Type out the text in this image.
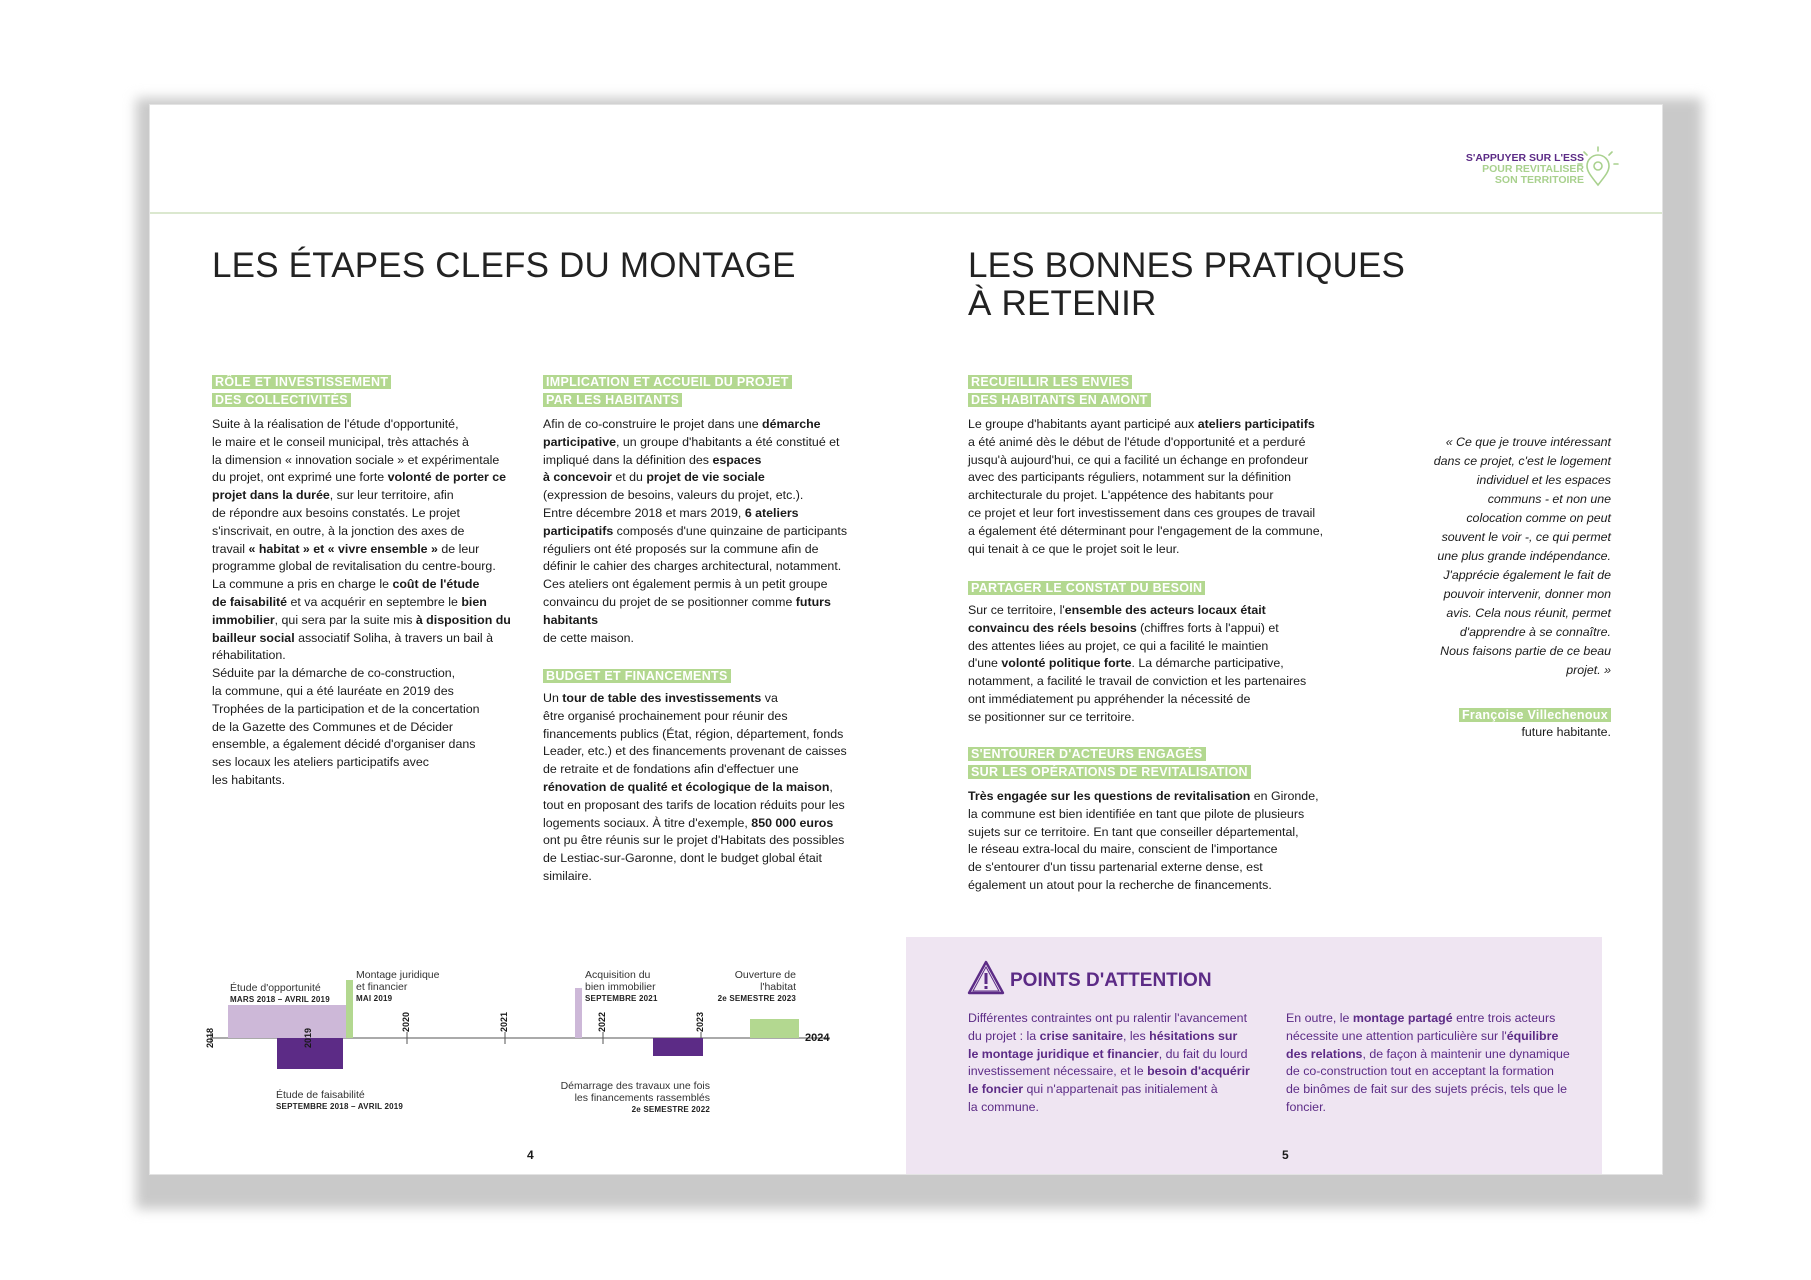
S'APPUYER SUR L'ESS
POUR REVITALISER
SON TERRITOIRE
LES ÉTAPES CLEFS DU MONTAGE
RÔLE ET INVESTISSEMENT
DES COLLECTIVITÉS
Suite à la réalisation de l'étude d'opportunité,
le maire et le conseil municipal, très attachés à
la dimension « innovation sociale » et expérimentale
du projet, ont exprimé une forte volonté de porter ce projet dans la durée, sur leur territoire, afin
de répondre aux besoins constatés. Le projet
s'inscrivait, en outre, à la jonction des axes de
travail « habitat » et « vivre ensemble » de leur
programme global de revitalisation du centre-bourg.
La commune a pris en charge le coût de l'étude
de faisabilité et va acquérir en septembre le bien immobilier, qui sera par la suite mis à disposition du bailleur social associatif Soliha, à travers un bail à réhabilitation.
Séduite par la démarche de co-construction,
la commune, qui a été lauréate en 2019 des
Trophées de la participation et de la concertation
de la Gazette des Communes et de Décider
ensemble, a également décidé d'organiser dans
ses locaux les ateliers participatifs avec
les habitants.
IMPLICATION ET ACCUEIL DU PROJET
PAR LES HABITANTS
Afin de co-construire le projet dans une démarche participative, un groupe d'habitants a été constitué et impliqué dans la définition des espaces
à concevoir et du projet de vie sociale
(expression de besoins, valeurs du projet, etc.).
Entre décembre 2018 et mars 2019, 6 ateliers participatifs composés d'une quinzaine de participants réguliers ont été proposés sur la commune afin de définir le cahier des charges architectural, notamment. Ces ateliers ont également permis à un petit groupe convaincu du projet de se positionner comme futurs habitants
de cette maison.
BUDGET ET FINANCEMENTS
Un tour de table des investissements va
être organisé prochainement pour réunir des financements publics (État, région, département, fonds Leader, etc.) et des financements provenant de caisses de retraite et de fondations afin d'effectuer une rénovation de qualité et écologique de la maison, tout en proposant des tarifs de location réduits pour les logements sociaux. À titre d'exemple, 850 000 euros ont pu être réunis sur le projet d'Habitats des possibles de Lestiac-sur-Garonne, dont le budget global était similaire.
2018	2019
2020	2021	2022	2023
2024
Étude d'opportunité
MARS 2018 – AVRIL 2019
Montage juridique et financier
MAI 2019
Acquisition du bien immobilier
SEPTEMBRE 2021
Ouverture de l'habitat
2e SEMESTRE 2023
Étude de faisabilité
SEPTEMBRE 2018 – AVRIL 2019
Démarrage des travaux une fois les financements rassemblés
2e SEMESTRE 2022
4
LES BONNES PRATIQUES
À RETENIR
RECUEILLIR LES ENVIES
DES HABITANTS EN AMONT
Le groupe d'habitants ayant participé aux ateliers participatifs
a été animé dès le début de l'étude d'opportunité et a perduré
jusqu'à aujourd'hui, ce qui a facilité un échange en profondeur
avec des participants réguliers, notamment sur la définition
architecturale du projet. L'appétence des habitants pour
ce projet et leur fort investissement dans ces groupes de travail
a également été déterminant pour l'engagement de la commune,
qui tenait à ce que le projet soit le leur.
PARTAGER LE CONSTAT DU BESOIN
Sur ce territoire, l'ensemble des acteurs locaux était
convaincu des réels besoins (chiffres forts à l'appui) et
des attentes liées au projet, ce qui a facilité le maintien
d'une volonté politique forte. La démarche participative,
notamment, a facilité le travail de conviction et les partenaires
ont immédiatement pu appréhender la nécessité de
se positionner sur ce territoire.
S'ENTOURER D'ACTEURS ENGAGÉS
SUR LES OPÉRATIONS DE REVITALISATION
Très engagée sur les questions de revitalisation en Gironde,
la commune est bien identifiée en tant que pilote de plusieurs
sujets sur ce territoire. En tant que conseiller départemental,
le réseau extra-local du maire, conscient de l'importance
de s'entourer d'un tissu partenarial externe dense, est
également un atout pour la recherche de financements.
« Ce que je trouve intéressant dans ce projet, c'est le logement individuel et les espaces communs - et non une colocation comme on peut souvent le voir -, ce qui permet une plus grande indépendance. J'apprécie également le fait de pouvoir intervenir, donner mon avis. Cela nous réunit, permet d'apprendre à se connaître. Nous faisons partie de ce beau projet. »
Françoise Villechenoux
future habitante.
POINTS D'ATTENTION
Différentes contraintes ont pu ralentir l'avancement
du projet : la crise sanitaire, les hésitations sur
le montage juridique et financier, du fait du lourd
investissement nécessaire, et le besoin d'acquérir
le foncier qui n'appartenait pas initialement à
la commune.
En outre, le montage partagé entre trois acteurs
nécessite une attention particulière sur l'équilibre
des relations, de façon à maintenir une dynamique
de co-construction tout en acceptant la formation
de binômes de fait sur des sujets précis, tels que le
foncier.
5
